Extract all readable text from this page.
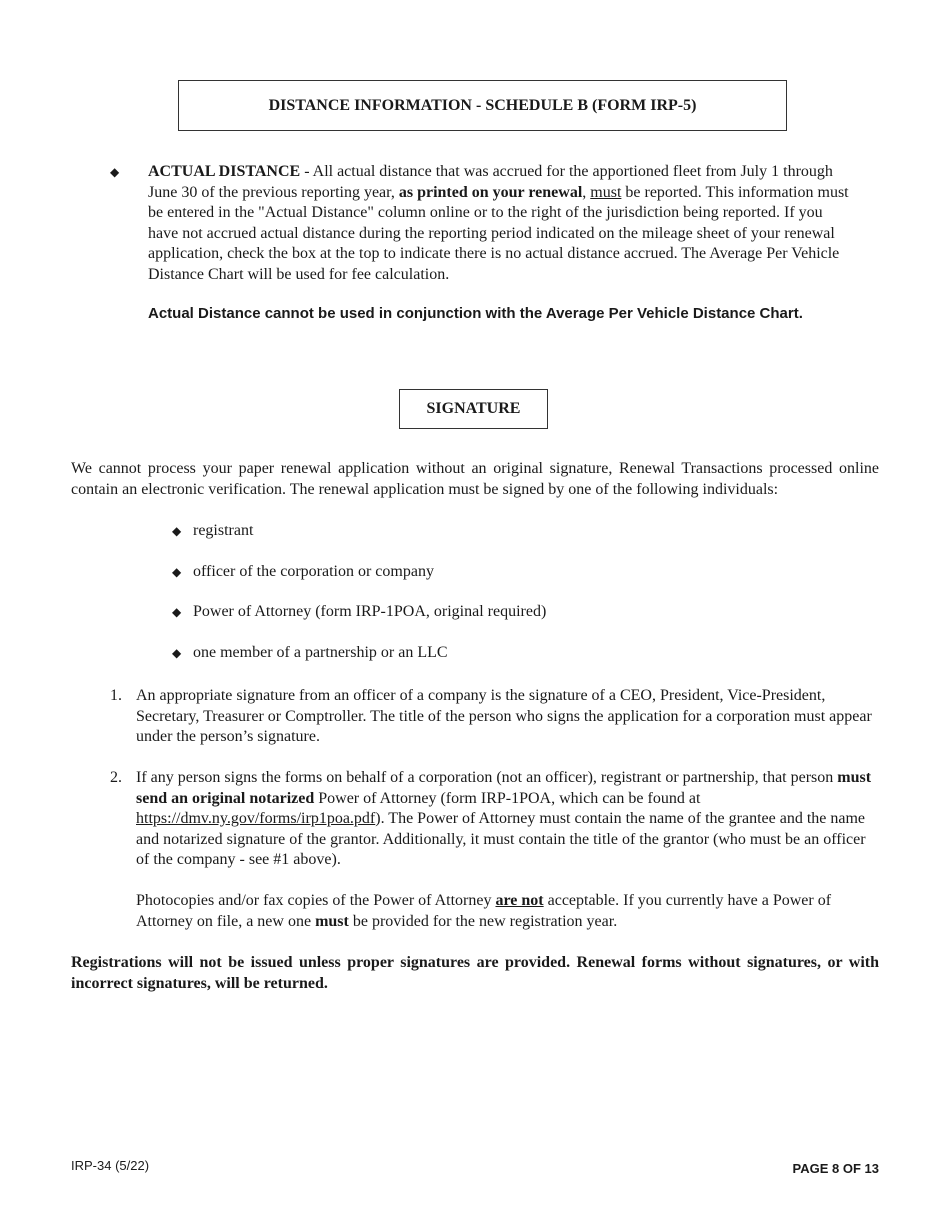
DISTANCE INFORMATION - SCHEDULE B (FORM IRP-5)
◆ ACTUAL DISTANCE - All actual distance that was accrued for the apportioned fleet from July 1 through June 30 of the previous reporting year, as printed on your renewal, must be reported. This information must be entered in the "Actual Distance" column online or to the right of the jurisdiction being reported. If you have not accrued actual distance during the reporting period indicated on the mileage sheet of your renewal application, check the box at the top to indicate there is no actual distance accrued. The Average Per Vehicle Distance Chart will be used for fee calculation.
Actual Distance cannot be used in conjunction with the Average Per Vehicle Distance Chart.
SIGNATURE
We cannot process your paper renewal application without an original signature, Renewal Transactions processed online contain an electronic verification. The renewal application must be signed by one of the following individuals:
◆ registrant
◆ officer of the corporation or company
◆ Power of Attorney (form IRP-1POA, original required)
◆ one member of a partnership or an LLC
1. An appropriate signature from an officer of a company is the signature of a CEO, President, Vice-President, Secretary, Treasurer or Comptroller. The title of the person who signs the application for a corporation must appear under the person’s signature.
2. If any person signs the forms on behalf of a corporation (not an officer), registrant or partnership, that person must send an original notarized Power of Attorney (form IRP-1POA, which can be found at https://dmv.ny.gov/forms/irp1poa.pdf). The Power of Attorney must contain the name of the grantee and the name and notarized signature of the grantor. Additionally, it must contain the title of the grantor (who must be an officer of the company - see #1 above).
Photocopies and/or fax copies of the Power of Attorney are not acceptable. If you currently have a Power of Attorney on file, a new one must be provided for the new registration year.
Registrations will not be issued unless proper signatures are provided. Renewal forms without signatures, or with incorrect signatures, will be returned.
IRP-34 (5/22)	PAGE 8 OF 13
